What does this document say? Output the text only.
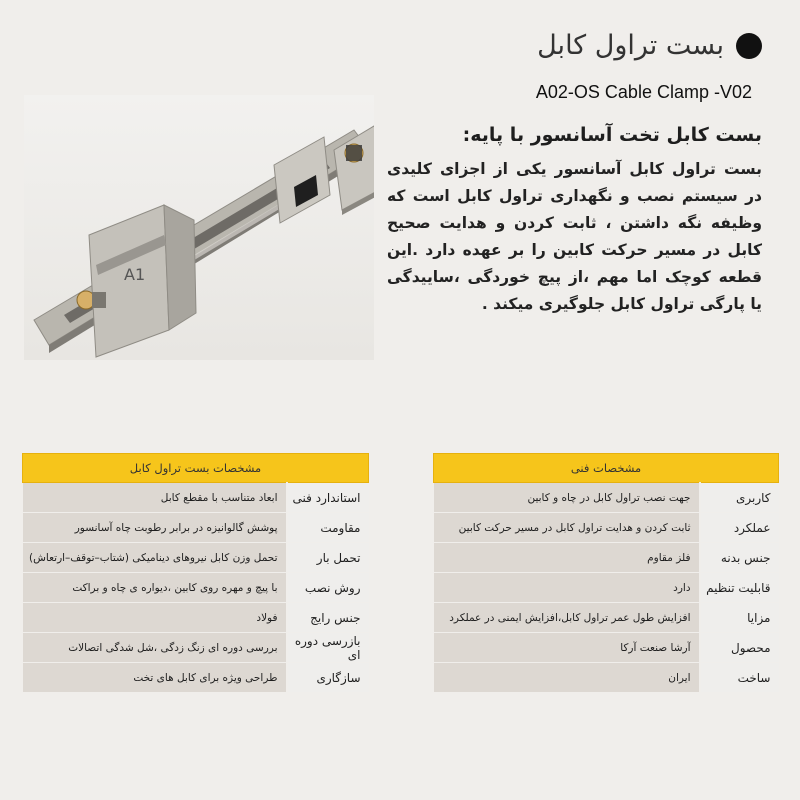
بست تراول کابل
A02-OS Cable Clamp -V02
بست کابل تخت آسانسور با پایه:
بست تراول کابل آسانسور یکی از اجزای کلیدی در سیستم نصب و نگهداری تراول کابل است که وظیفه نگه داشتن ، ثابت کردن و هدایت صحیح کابل در مسیر حرکت کابین را بر عهده دارد .این قطعه کوچک اما مهم ،از پیچ خوردگی ،ساییدگی یا پارگی تراول کابل جلوگیری میکند .
A1
مشخصات بست تراول کابل	
استاندارد فنی	ابعاد متناسب با مقطع کابل
مقاومت	پوشش گالوانیزه در برابر رطوبت چاه آسانسور
تحمل بار	تحمل وزن کابل نیروهای دینامیکی (شتاب–توقف–ارتعاش)
روش نصب	با پیچ و مهره روی کابین ،دیواره ی چاه و براکت
جنس رایج	فولاد
بازرسی دوره ای	بررسی دوره ای زنگ زدگی ،شل شدگی اتصالات
سازگاری	طراحی ویژه برای کابل های تخت
مشخصات فنی	
کاربری	جهت نصب تراول کابل در چاه و کابین
عملکرد	ثابت کردن و هدایت تراول کابل در مسیر حرکت کابین
جنس بدنه	فلز مقاوم
قابلیت تنظیم	دارد
مزایا	افزایش طول عمر تراول کابل،افزایش ایمنی در عملکرد
محصول	آرشا صنعت آرکا
ساخت	ایران
